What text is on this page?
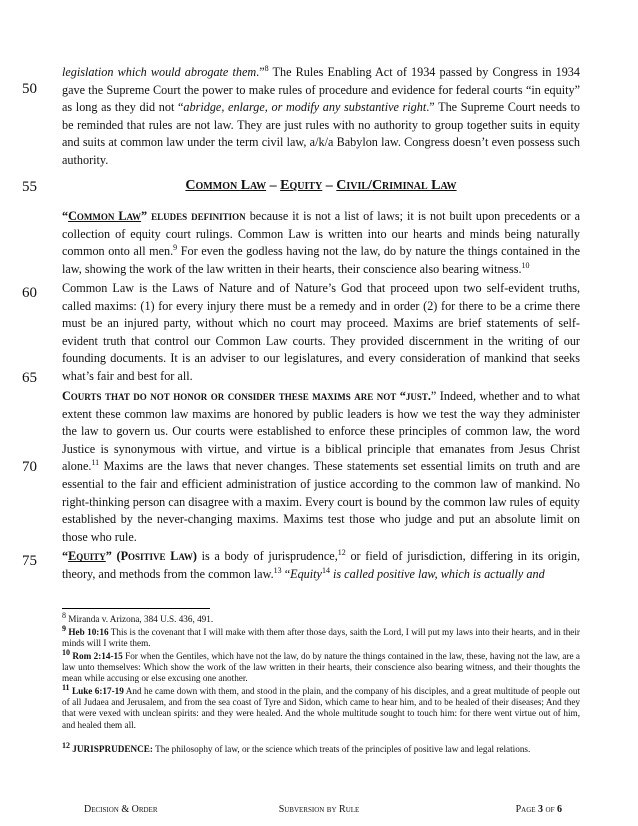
50
55
60
65
70
75
legislation which would abrogate them.”$^8$ The Rules Enabling Act of 1934 passed by Congress in 1934 gave the Supreme Court the power to make rules of procedure and evidence for federal courts “in equity” as long as they did not “abridge, enlarge, or modify any substantive right.” The Supreme Court needs to be reminded that rules are not law. They are just rules with no authority to group together suits in equity and suits at common law under the term civil law, a/k/a Babylon law. Congress doesn’t even possess such authority.
Common Law – Equity – Civil/Criminal Law
“Common Law” eludes definition because it is not a list of laws; it is not built upon precedents or a collection of equity court rulings. Common Law is written into our hearts and minds being naturally common onto all men.$^9$ For even the godless having not the law, do by nature the things contained in the law, showing the work of the law written in their hearts, their conscience also bearing witness.$^{10}$
Common Law is the Laws of Nature and of Nature’s God that proceed upon two self-evident truths, called maxims: (1) for every injury there must be a remedy and in order (2) for there to be a crime there must be an injured party, without which no court may proceed. Maxims are brief statements of self-evident truth that control our Common Law courts. They provided discernment in the writing of our founding documents. It is an adviser to our legislatures, and every consideration of mankind that seeks what’s fair and best for all.
Courts that do not honor or consider these maxims are not “just.” Indeed, whether and to what extent these common law maxims are honored by public leaders is how we test the way they administer the law to govern us. Our courts were established to enforce these principles of common law, the word Justice is synonymous with virtue, and virtue is a biblical principle that emanates from Jesus Christ alone.$^{11}$ Maxims are the laws that never changes. These statements set essential limits on truth and are essential to the fair and efficient administration of justice according to the common law of mankind. No right-thinking person can disagree with a maxim. Every court is bound by the common law rules of equity established by the never-changing maxims. Maxims test those who judge and put an absolute limit on those who rule.
“Equity” (Positive Law) is a body of jurisprudence,$^{12}$ or field of jurisdiction, differing in its origin, theory, and methods from the common law.$^{13}$ “Equity$^{14}$ is called positive law, which is actually and
$^8$ Miranda v. Arizona, 384 U.S. 436, 491.
$^9$ Heb 10:16 This is the covenant that I will make with them after those days, saith the Lord, I will put my laws into their hearts, and in their minds will I write them.
$^{10}$ Rom 2:14-15 For when the Gentiles, which have not the law, do by nature the things contained in the law, these, having not the law, are a law unto themselves: Which show the work of the law written in their hearts, their conscience also bearing witness, and their thoughts the mean while accusing or else excusing one another.
$^{11}$ Luke 6:17-19 And he came down with them, and stood in the plain, and the company of his disciples, and a great multitude of people out of all Judaea and Jerusalem, and from the sea coast of Tyre and Sidon, which came to hear him, and to be healed of their diseases; And they that were vexed with unclean spirits: and they were healed. And the whole multitude sought to touch him: for there went virtue out of him, and healed them all.
$^{12}$ JURISPRUDENCE: The philosophy of law, or the science which treats of the principles of positive law and legal relations.
Decision & Order	Subversion by Rule	Page 3 of 6
